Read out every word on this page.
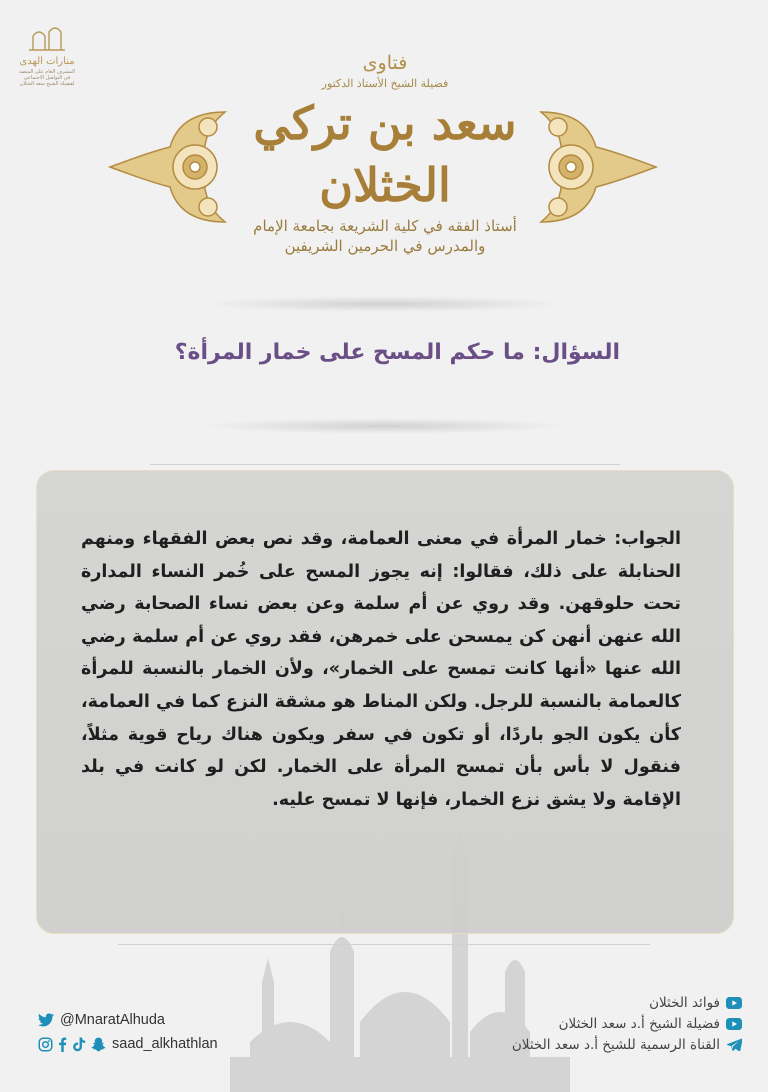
منارات الهدى
المشرف العام على المنصة في التواصل الاجتماعي لفضيلة الشيخ سعد الخثلان
فتاوى
فضيلة الشيخ الأستاذ الدكتور
سعد بن تركي الخثلان
أستاذ الفقه في كلية الشريعة بجامعة الإمام
والمدرس في الحرمين الشريفين
السؤال: ما حكم المسح على خمار المرأة؟
الجواب: خمار المرأة في معنى العمامة، وقد نص بعض الفقهاء ومنهم الحنابلة على ذلك، فقالوا: إنه يجوز المسح على خُمر النساء المدارة تحت حلوقهن. وقد روي عن أم سلمة وعن بعض نساء الصحابة رضي الله عنهن أنهن كن يمسحن على خمرهن، فقد روي عن أم سلمة رضي الله عنها «أنها كانت تمسح على الخمار»، ولأن الخمار بالنسبة للمرأة كالعمامة بالنسبة للرجل. ولكن المناط هو مشقة النزع كما في العمامة، كأن يكون الجو باردًا، أو تكون في سفر ويكون هناك رياح قوية مثلاً، فنقول لا بأس بأن تمسح المرأة على الخمار. لكن لو كانت في بلد الإقامة ولا يشق نزع الخمار، فإنها لا تمسح عليه.
@MnaratAlhuda
saad_alkhathlan
فوائد الخثلان
فضيلة الشيخ أ.د سعد الخثلان
القناة الرسمية للشيخ أ.د سعد الخثلان
